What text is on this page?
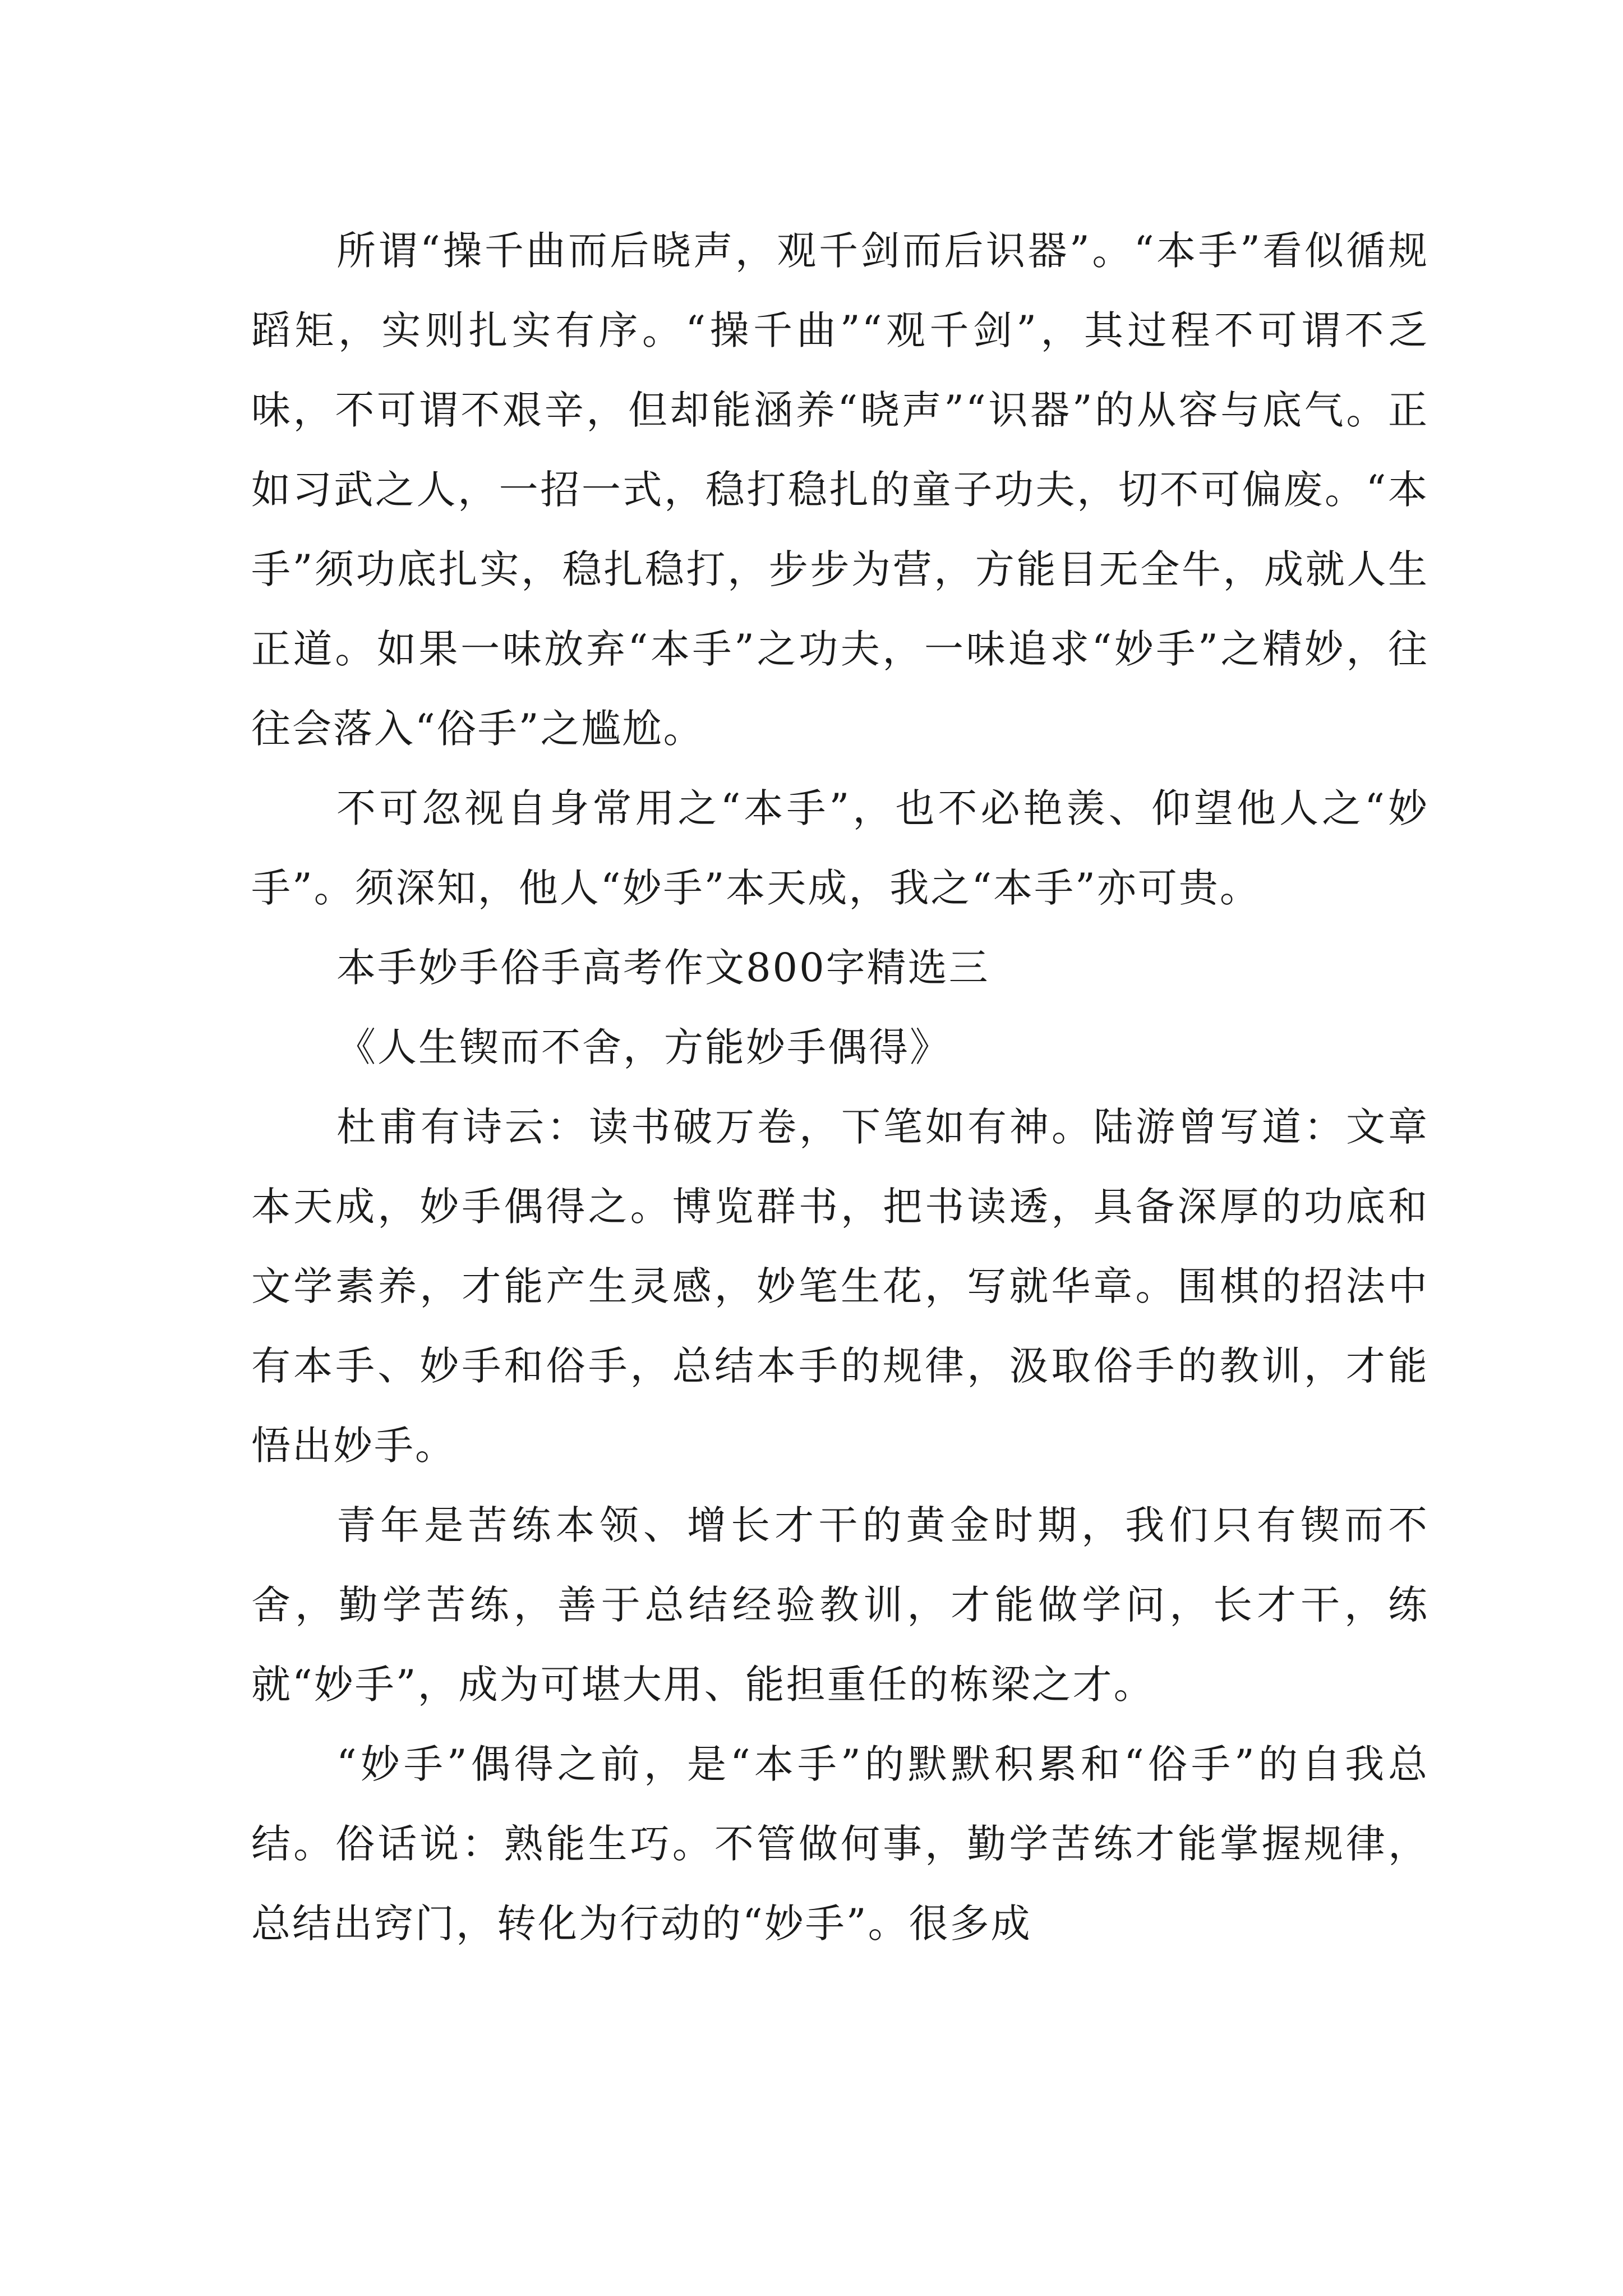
所谓“操千曲而后晓声，观千剑而后识器”。“本手”看似循规蹈矩，实则扎实有序。“操千曲”“观千剑”，其过程不可谓不乏味，不可谓不艰辛，但却能涵养“晓声”“识器”的从容与底气。正如习武之人，一招一式，稳打稳扎的童子功夫，切不可偏废。“本手”须功底扎实，稳扎稳打，步步为营，方能目无全牛，成就人生正道。如果一味放弃“本手”之功夫，一味追求“妙手”之精妙，往往会落入“俗手”之尴尬。

不可忽视自身常用之“本手”，也不必艳羡、仰望他人之“妙手”。须深知，他人“妙手”本天成，我之“本手”亦可贵。

本手妙手俗手高考作文800字精选三

《人生锲而不舍，方能妙手偶得》

杜甫有诗云：读书破万卷，下笔如有神。陆游曾写道：文章本天成，妙手偶得之。博览群书，把书读透，具备深厚的功底和文学素养，才能产生灵感，妙笔生花，写就华章。围棋的招法中有本手、妙手和俗手，总结本手的规律，汲取俗手的教训，才能悟出妙手。

青年是苦练本领、增长才干的黄金时期，我们只有锲而不舍，勤学苦练，善于总结经验教训，才能做学问，长才干，练就“妙手”，成为可堪大用、能担重任的栋梁之才。

“妙手”偶得之前，是“本手”的默默积累和“俗手”的自我总结。俗话说：熟能生巧。不管做何事，勤学苦练才能掌握规律，总结出窍门，转化为行动的“妙手”。很多成
